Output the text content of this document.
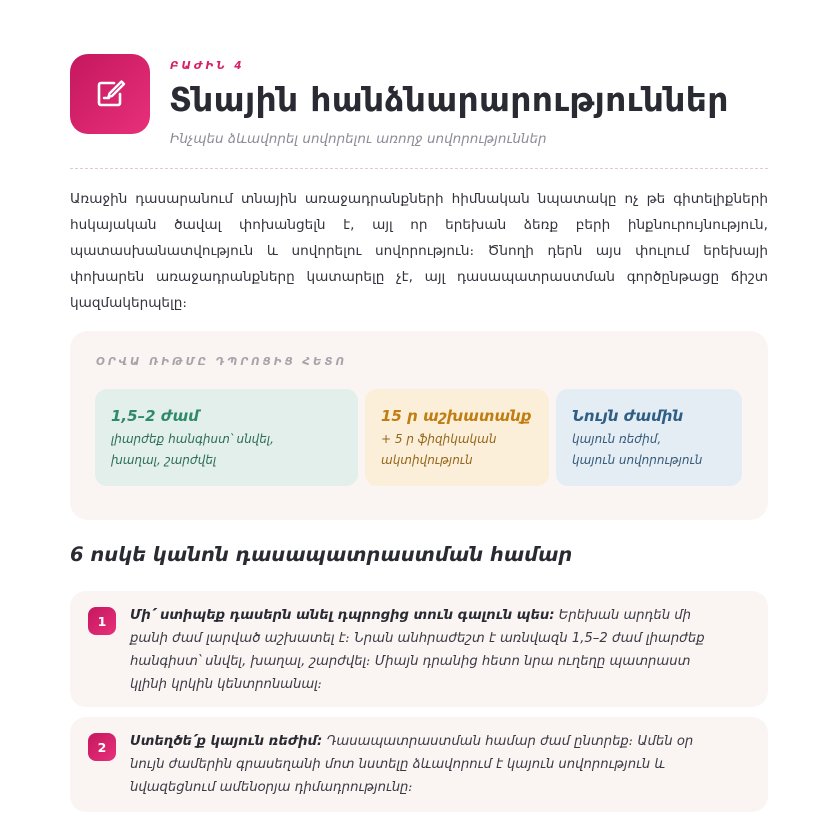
ԲԱԺԻՆ 4
Տնային հանձնարարություններ
Ինչպես ձևավորել սովորելու առողջ սովորություններ

Առաջին դասարանում տնային առաջադրանքների հիմնական նպատակը ոչ թե գիտելիքների հսկայական ծավալ փոխանցելն է, այլ որ երեխան ձեռք բերի ինքնուրույնություն, պատասխանատվություն և սովորելու սովորություն։ Ծնողի դերն այս փուլում երեխայի փոխարեն առաջադրանքները կատարելը չէ, այլ դասապատրաստման գործընթացը ճիշտ կազմակերպելը։

ՕՐՎԱ ՌԻԹՄԸ ԴՊՐՈՑԻՑ ՀԵՏՈ
1,5–2 ժամ
լիարժեք հանգիստ՝ սնվել,
խաղալ, շարժվել
15 ր աշխատանք
+ 5 ր ֆիզիկական
ակտիվություն
Նույն ժամին
կայուն ռեժիմ,
կայուն սովորություն
6 ոսկե կանոն դասապատրաստման համար
1	Մի՛ ստիպեք դասերն անել դպրոցից տուն գալուն պես: Երեխան արդեն մի քանի ժամ լարված աշխատել է։ Նրան անհրաժեշտ է առնվազն 1,5–2 ժամ լիարժեք հանգիստ՝ սնվել, խաղալ, շարժվել։ Միայն դրանից հետո նրա ուղեղը պատրաստ կլինի կրկին կենտրոնանալ։

2	Ստեղծե՛ք կայուն ռեժիմ: Դասապատրաստման համար ժամ ընտրեք։ Ամեն օր նույն ժամերին գրասեղանի մոտ նստելը ձևավորում է կայուն սովորություն և նվազեցնում ամենօրյա դիմադրությունը։
